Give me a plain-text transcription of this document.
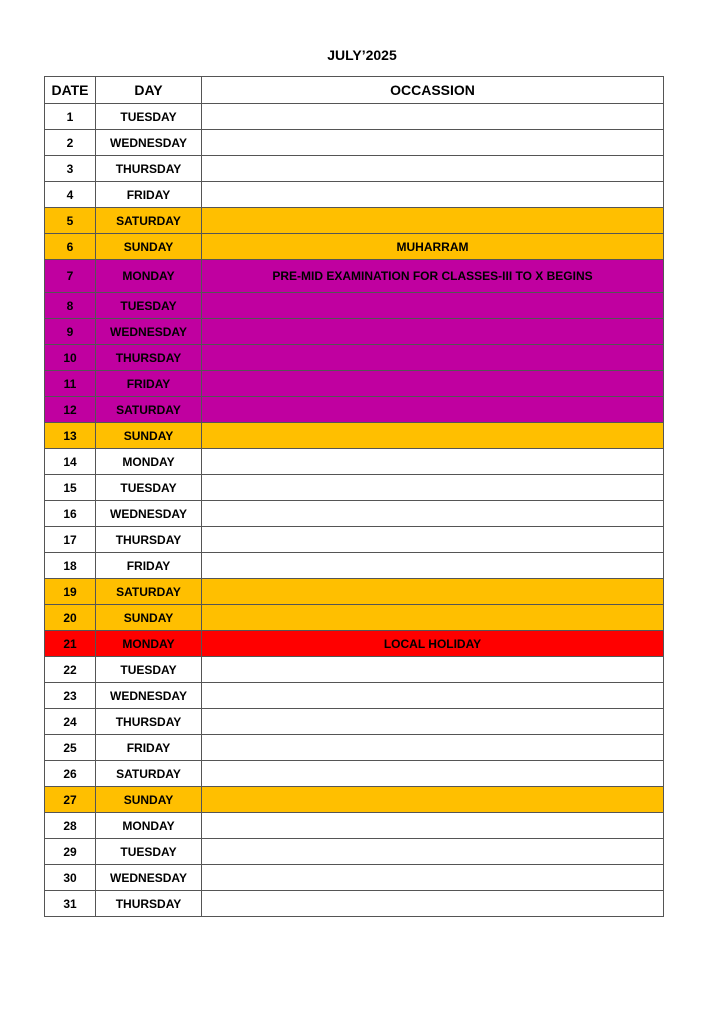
JULY’2025
DATE	DAY	OCCASSION
1	TUESDAY	
2	WEDNESDAY	
3	THURSDAY	
4	FRIDAY	
5	SATURDAY	
6	SUNDAY	MUHARRAM
7	MONDAY	PRE-MID EXAMINATION FOR CLASSES-III TO X BEGINS
8	TUESDAY	
9	WEDNESDAY	
10	THURSDAY	
11	FRIDAY	
12	SATURDAY	
13	SUNDAY	
14	MONDAY	
15	TUESDAY	
16	WEDNESDAY	
17	THURSDAY	
18	FRIDAY	
19	SATURDAY	
20	SUNDAY	
21	MONDAY	LOCAL HOLIDAY
22	TUESDAY	
23	WEDNESDAY	
24	THURSDAY	
25	FRIDAY	
26	SATURDAY	
27	SUNDAY	
28	MONDAY	
29	TUESDAY	
30	WEDNESDAY	
31	THURSDAY	
